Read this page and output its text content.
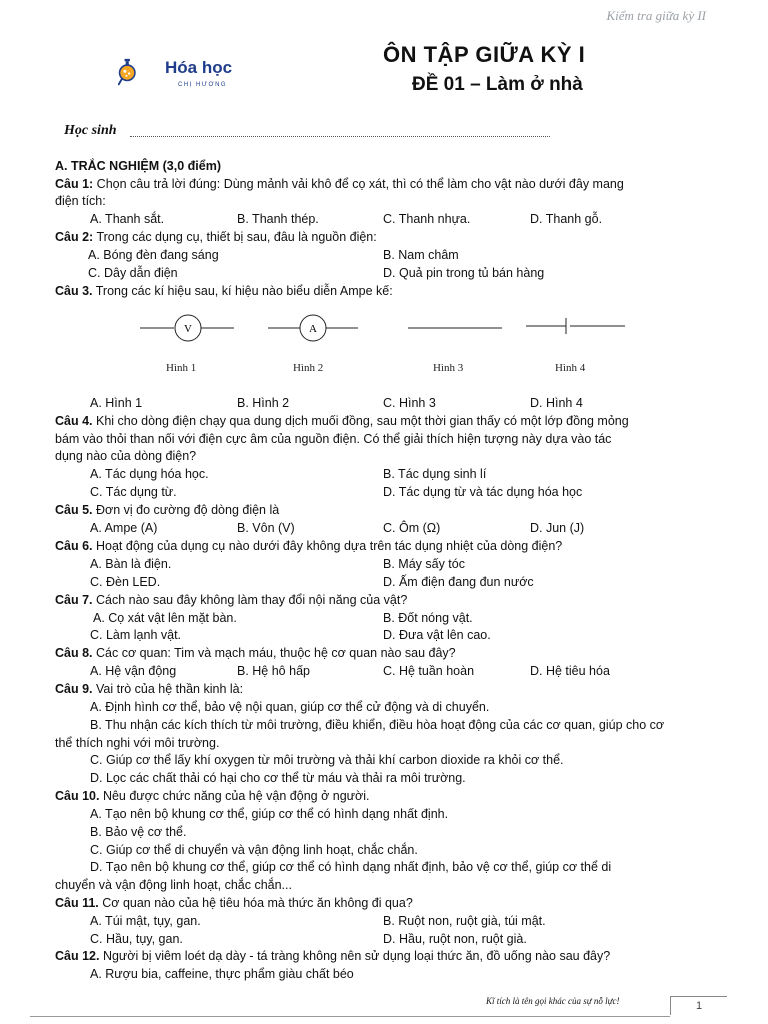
Kiểm tra giữa kỳ II
Hóa học
CHỊ HƯƠNG
ÔN TẬP GIỮA KỲ I
ĐỀ 01 – Làm ở nhà
Học sinh
A. TRẮC NGHIỆM (3,0 điểm)
Câu 1: Chọn câu trả lời đúng: Dùng mảnh vải khô để cọ xát, thì có thể làm cho vật nào dưới đây mang
điện tích:
A. Thanh sắt.	B. Thanh thép.	C. Thanh nhựa.	D. Thanh gỗ.
Câu 2: Trong các dụng cụ, thiết bị sau, đâu là nguồn điện:
A. Bóng đèn đang sáng	B. Nam châm
C. Dây dẫn điện	D. Quả pin trong tủ bán hàng
Câu 3. Trong các kí hiệu sau, kí hiệu nào biểu diễn Ampe kế:
V	A
Hình 1	Hình 2	Hình 3	Hình 4
A. Hình 1	B. Hình 2	C. Hình 3	D. Hình 4
Câu 4. Khi cho dòng điện chạy qua dung dịch muối đồng, sau một thời gian thấy có một lớp đồng mỏng
bám vào thỏi than nối với điện cực âm của nguồn điện. Có thể giải thích hiện tượng này dựa vào tác
dụng nào của dòng điện?
A. Tác dụng hóa học.	B. Tác dụng sinh lí
C. Tác dụng từ.	D. Tác dụng từ và tác dụng hóa học
Câu 5. Đơn vị đo cường độ dòng điện là
A. Ampe (A)	B. Vôn (V)	C. Ôm (Ω)	D. Jun (J)
Câu 6. Hoạt động của dụng cụ nào dưới đây không dựa trên tác dụng nhiệt của dòng điện?
A. Bàn là điện.	B. Máy sấy tóc
C. Đèn LED.	D. Ấm điện đang đun nước
Câu 7. Cách nào sau đây không làm thay đổi nội năng của vật?
A. Cọ xát vật lên mặt bàn.	B. Đốt nóng vật.
C. Làm lạnh vật.	D. Đưa vật lên cao.
Câu 8. Các cơ quan: Tim và mạch máu, thuộc hệ cơ quan nào sau đây?
A. Hệ vận động	B. Hệ hô hấp	C. Hệ tuần hoàn	D. Hệ tiêu hóa
Câu 9. Vai trò của hệ thần kinh là:
A. Định hình cơ thể, bảo vệ nội quan, giúp cơ thể cử động và di chuyển.
B. Thu nhận các kích thích từ môi trường, điều khiển, điều hòa hoạt động của các cơ quan, giúp cho cơ
thể thích nghi với môi trường.
C. Giúp cơ thể lấy khí oxygen từ môi trường và thải khí carbon dioxide ra khỏi cơ thể.
D. Lọc các chất thải có hại cho cơ thể từ máu và thải ra môi trường.
Câu 10. Nêu được chức năng của hệ vận động ở người.
A. Tạo nên bộ khung cơ thể, giúp cơ thể có hình dạng nhất định.
B. Bảo vệ cơ thể.
C. Giúp cơ thể di chuyển và vận động linh hoạt, chắc chắn.
D. Tạo nên bộ khung cơ thể, giúp cơ thể có hình dạng nhất định, bảo vệ cơ thể, giúp cơ thể di
chuyển và vận động linh hoạt, chắc chắn...
Câu 11. Cơ quan nào của hệ tiêu hóa mà thức ăn không đi qua?
A. Túi mật, tụy, gan.	B. Ruột non, ruột già, túi mật.
C. Hầu, tụy, gan.	D. Hầu, ruột non, ruột già.
Câu 12. Người bị viêm loét dạ dày - tá tràng không nên sử dụng loại thức ăn, đồ uống nào sau đây?
A. Rượu bia, caffeine, thực phẩm giàu chất béo
Kĩ tích là tên gọi khác của sự nỗ lực!	1
